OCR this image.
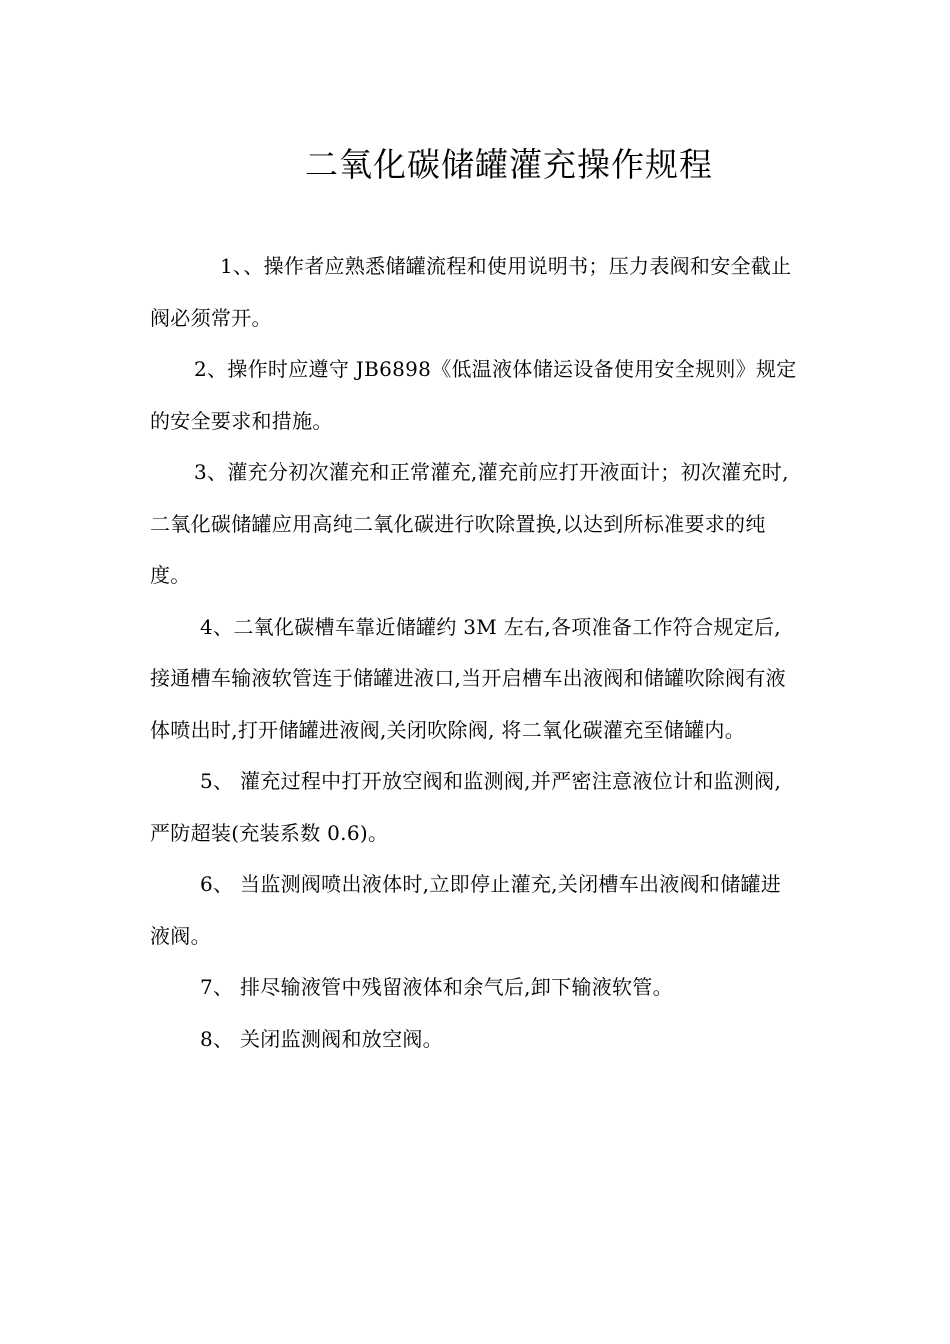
二氧化碳储罐灌充操作规程

1、、操作者应熟悉储罐流程和使用说明书；压力表阀和安全截止阀必须常开。

2、操作时应遵守 JB6898《低温液体储运设备使用安全规则》规定的安全要求和措施。

3、灌充分初次灌充和正常灌充,灌充前应打开液面计；初次灌充时, 二氧化碳储罐应用高纯二氧化碳进行吹除置换,以达到所标准要求的纯度。

4、二氧化碳槽车靠近储罐约 3M 左右,各项准备工作符合规定后,接通槽车输液软管连于储罐进液口,当开启槽车出液阀和储罐吹除阀有液体喷出时,打开储罐进液阀,关闭吹除阀, 将二氧化碳灌充至储罐内。

5、 灌充过程中打开放空阀和监测阀,并严密注意液位计和监测阀,严防超装(充装系数 0.6)。

6、 当监测阀喷出液体时,立即停止灌充,关闭槽车出液阀和储罐进液阀。

7、 排尽输液管中残留液体和余气后,卸下输液软管。

8、 关闭监测阀和放空阀。
